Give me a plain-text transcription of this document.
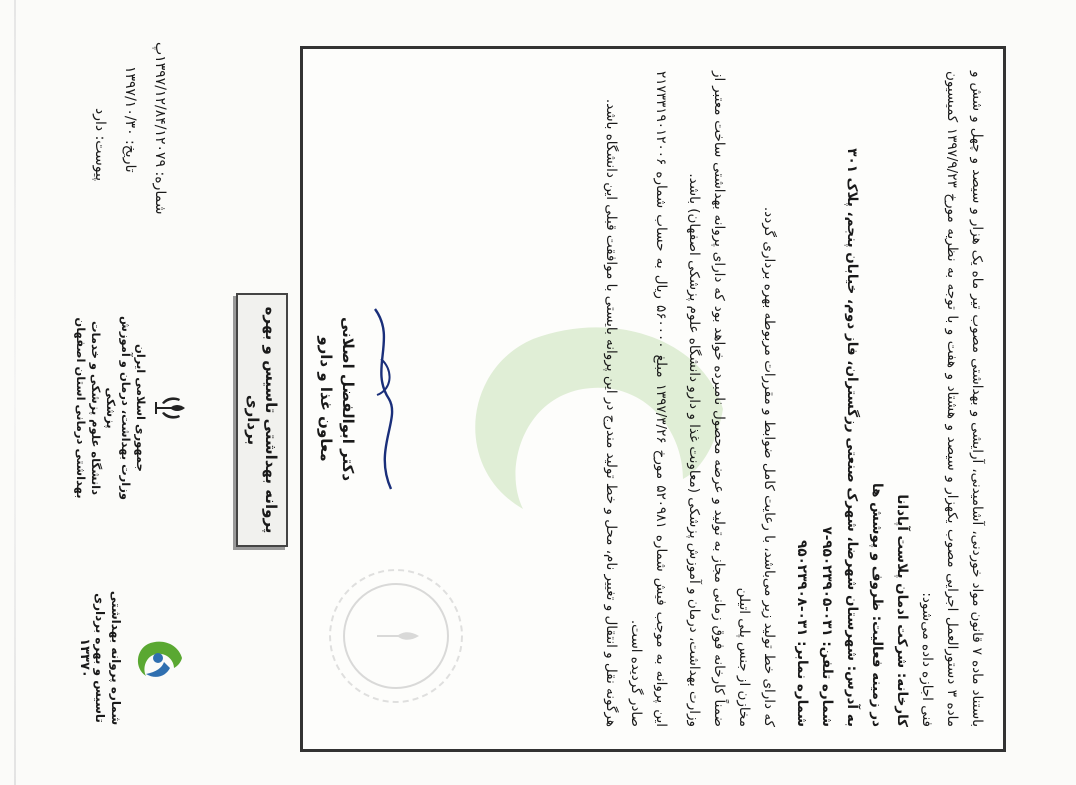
شماره: ۱۳۹۷/۱۲/۸۴/۱۲۰۷۹پ
تاریخ: ۱۳۹۷/۱۰/۳۰
پیوست: دارد
جمهوری اسلامی ایران
وزارت بهداشت، درمان و آموزش پزشکی
دانشگاه علوم پزشکی و خدمات بهداشتی درمانی استان اصفهان	پروانه بهداشتی تاسیس و بهره برداری
شماره پروانه بهداشتی تاسیس و بهره برداری
۱۳۳۷۰

باستناد ماده ۷ قانون مواد خوردنی، آشامیدنی، آرایشی و بهداشتی مصوب تیر ماه یک هزار و سیصد و چهل و شش و ماده ۳ دستورالعمل اجرایی مصوب یکهزار و سیصد و هشتاد و هفت و با توجه به نظریه مورخ ۱۳۹۷/۹/۲۳ کمیسیون فنی اجازه داده می‌شود:

کارخانه: شرکت ادمان پلاست آپادانا

در زمینه فعالیت: ظروف و پوشش ها

به آدرس: شهرستان شهرضا، شهرک صنعتی رزگستران، فاز دوم، خیابان پنجم، پلاک ۳۰۱

شماره تلفن: ۰۳۱-۹۵۰۲۳۹۰۵-۷

شماره نمابر: ۰۳۱-۹۵۰۲۳۹۰۸

که دارای خط تولید زیر می‌باشد، با رعایت کامل ضوابط و مقررات مربوطه بهره برداری گردد.

مخازن از جنس پلی اتیلن

ضمناً کارخانه فوق زمانی مجاز به تولید و عرضه محصول نامبرده خواهد بود که دارای پروانه بهداشتی ساخت معتبر از وزارت بهداشت، درمان و آموزش پزشکی (معاونت غذا و دارو دانشگاه علوم پزشکی اصفهان) باشد.

این پروانه به موجب فیش شماره ۵۲۰۹۸۱ مورخ ۱۳۹۷/۳/۲۶ مبلغ ۵۶۰۰۰۰ ریال به حساب شماره ۲۱۷۳۳۱۹۰۱۲۰۰۶ صادر گردیده است.

هرگونه نقل و انتقال و تغییر نام، محل و خط تولید مندرج در این پروانه بایستی با موافقت قبلی این دانشگاه باشد.

دکتر ابوالفضل اصلانی
معاون غذا و دارو
